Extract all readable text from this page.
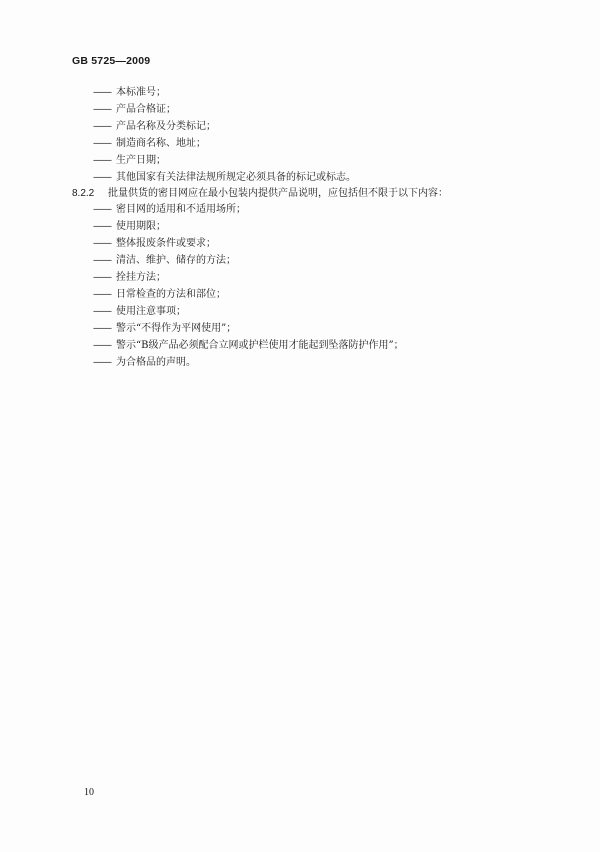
GB 5725—2009
—— 本标准号；
—— 产品合格证；
—— 产品名称及分类标记；
—— 制造商名称、地址；
—— 生产日期；
—— 其他国家有关法律法规所规定必须具备的标记或标志。
8.2.2 批量供货的密目网应在最小包装内提供产品说明，应包括但不限于以下内容：
—— 密目网的适用和不适用场所；
—— 使用期限；
—— 整体报废条件或要求；
—— 清洁、维护、储存的方法；
—— 拴挂方法；
—— 日常检查的方法和部位；
—— 使用注意事项；
—— 警示“不得作为平网使用”；
—— 警示“B级产品必须配合立网或护栏使用才能起到坠落防护作用”；
—— 为合格品的声明。
10
